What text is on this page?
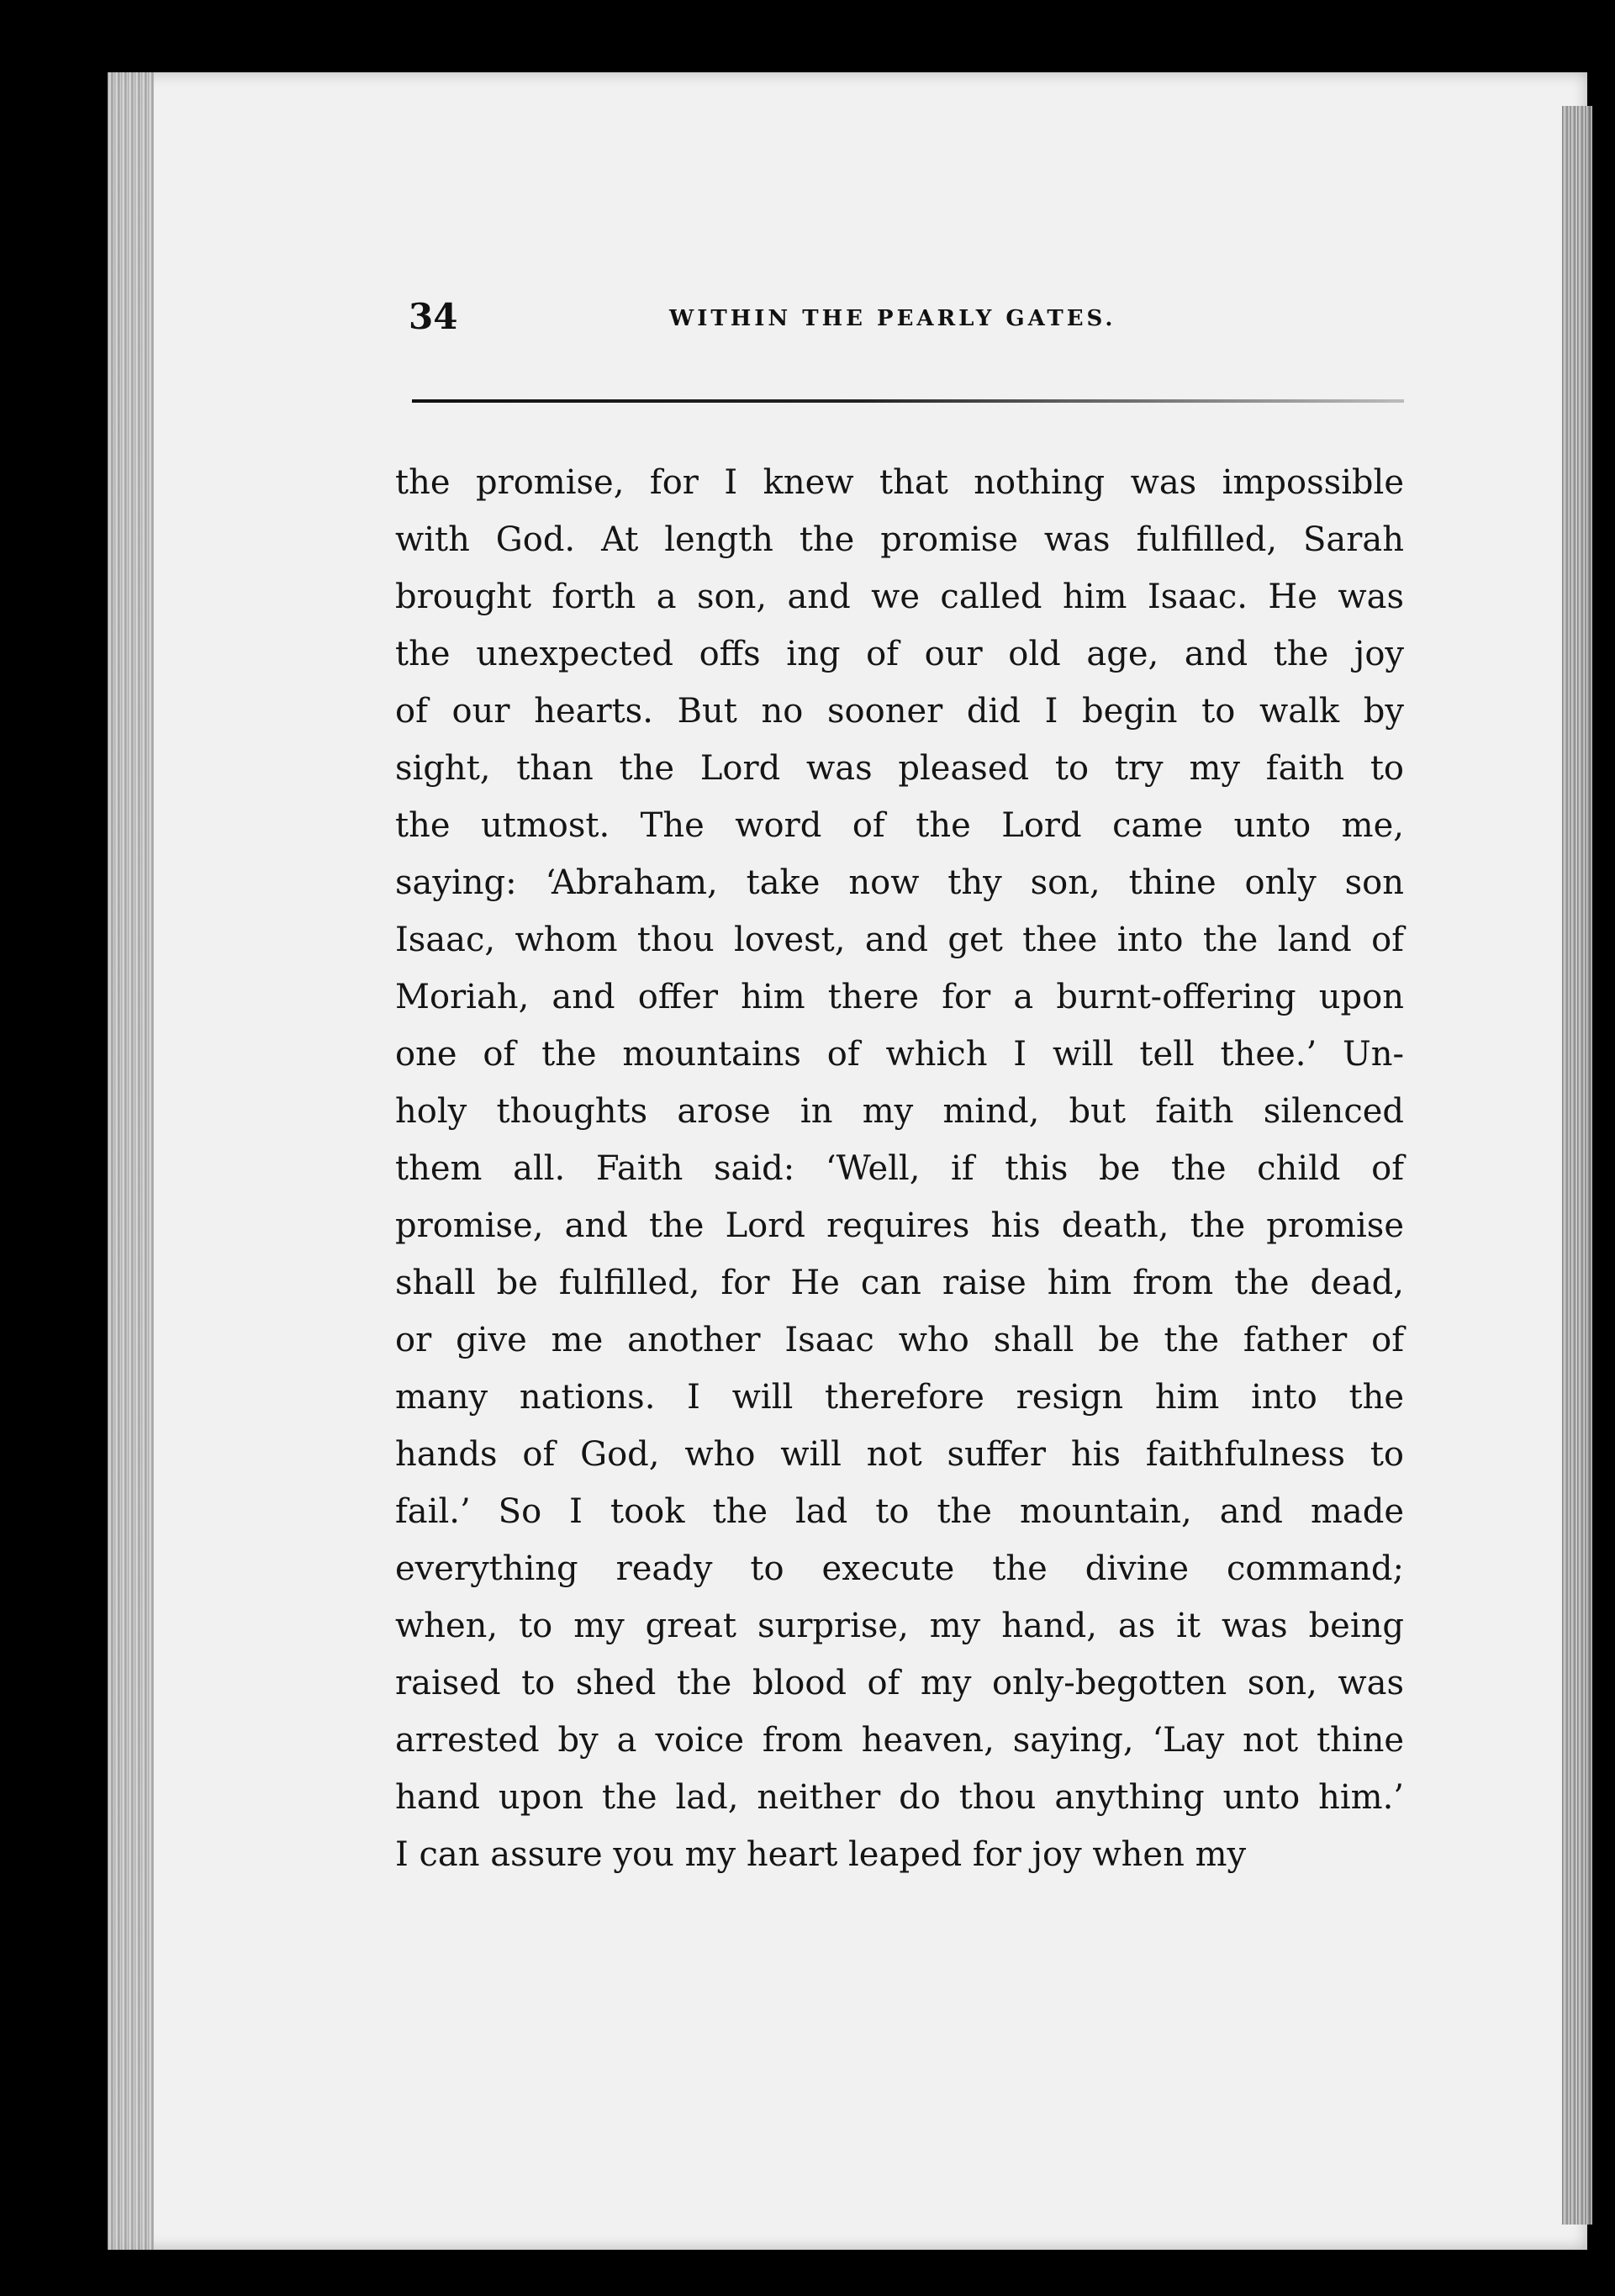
34	WITHIN THE PEARLY GATES.
the promise, for I knew that nothing was impossible
with God. At length the promise was fulfilled, Sarah
brought forth a son, and we called him Isaac. He was
the unexpected offs ing of our old age, and the joy
of our hearts. But no sooner did I begin to walk by
sight, than the Lord was pleased to try my faith to
the utmost. The word of the Lord came unto me,
saying: ‘Abraham, take now thy son, thine only son
Isaac, whom thou lovest, and get thee into the land of
Moriah, and offer him there for a burnt-offering upon
one of the mountains of which I will tell thee.’ Un-
holy thoughts arose in my mind, but faith silenced
them all. Faith said: ‘Well, if this be the child of
promise, and the Lord requires his death, the promise
shall be fulfilled, for He can raise him from the dead,
or give me another Isaac who shall be the father of
many nations. I will therefore resign him into the
hands of God, who will not suffer his faithfulness to
fail.’ So I took the lad to the mountain, and made
everything ready to execute the divine command;
when, to my great surprise, my hand, as it was being
raised to shed the blood of my only-begotten son, was
arrested by a voice from heaven, saying, ‘Lay not thine
hand upon the lad, neither do thou anything unto him.’
I can assure you my heart leaped for joy when my
